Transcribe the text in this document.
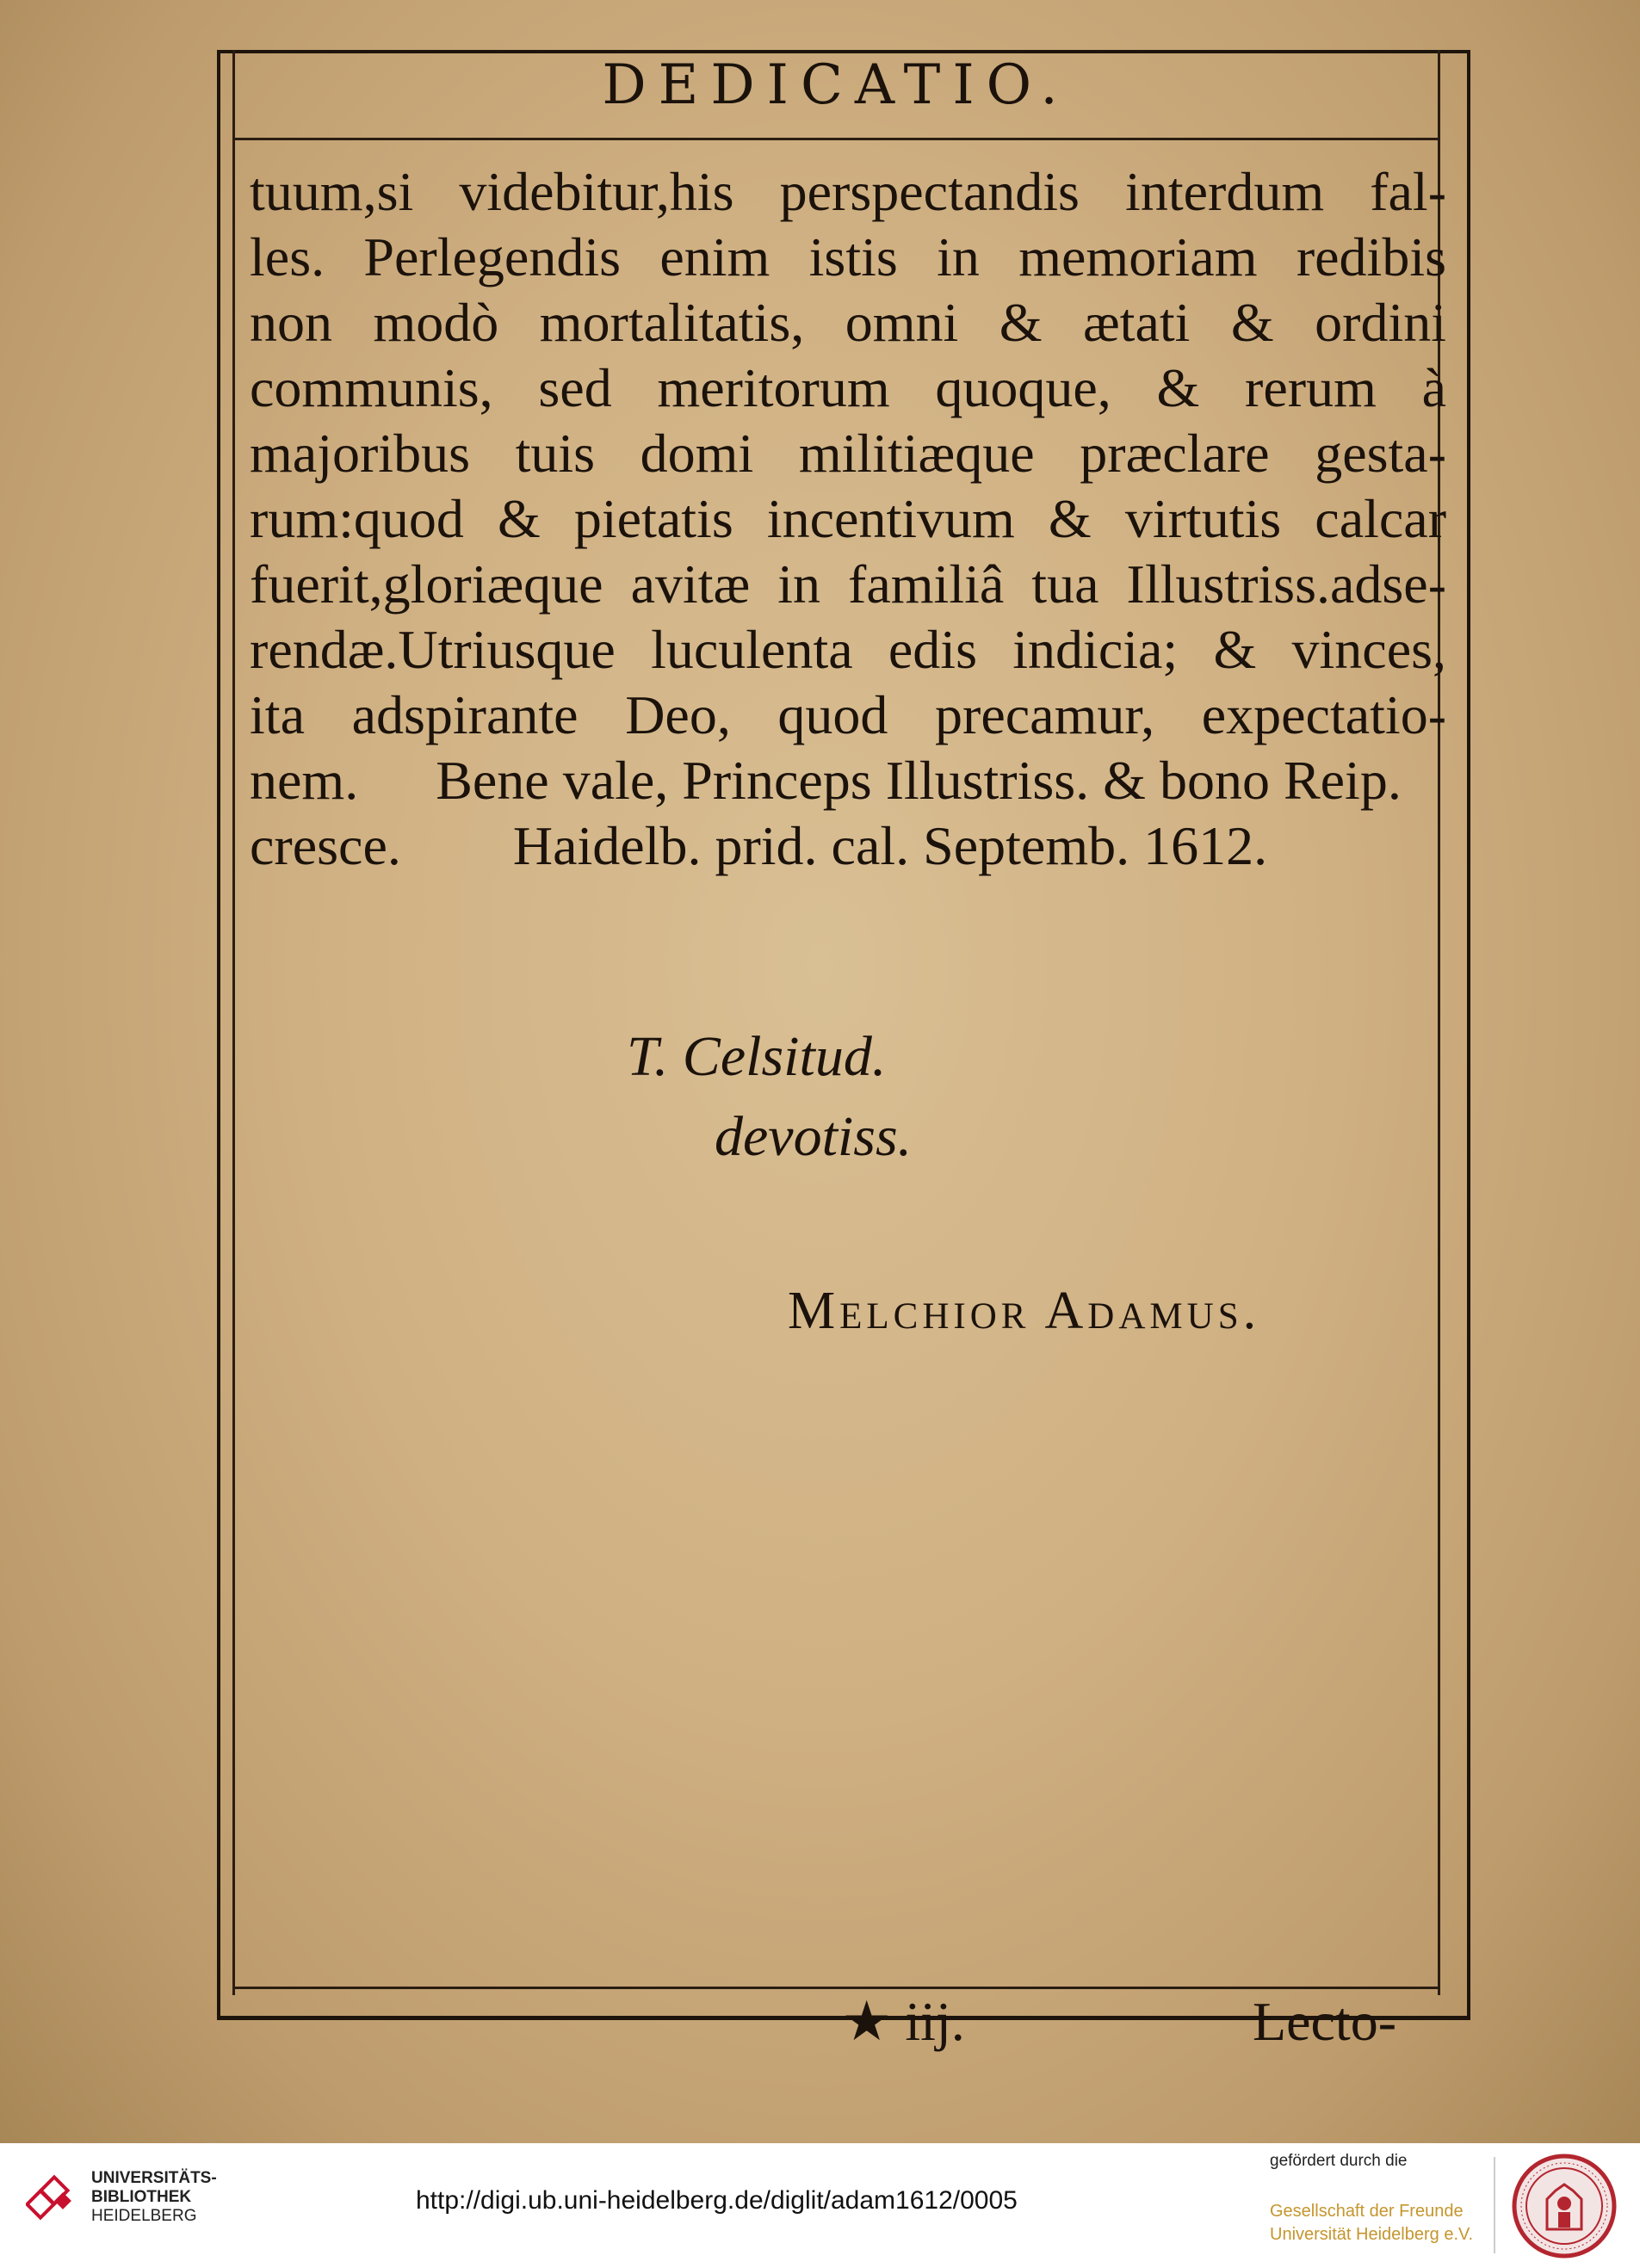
DEDICATIO.
tuum,si videbitur,his perspectandis interdum fal-
les. Perlegendis enim istis in memoriam redibis
non modò mortalitatis, omni & ætati & ordini
communis, sed meritorum quoque, & rerum à
majoribus tuis domi militiæque præclare gesta-
rum:quod & pietatis incentivum & virtutis calcar
fuerit,gloriæque avitæ in familiâ tua Illustriss.adse-
rendæ.Utriusque luculenta edis indicia; & vinces,
ita adspirante Deo, quod precamur, expectatio-
nem. Bene vale, Princeps Illustriss. & bono Reip.
cresce. Haidelb. prid. cal. Septemb. 1612.
T. Celsitud.
devotiss.
Melchior Adamus.
★ iij.	Lecto-
UNIVERSITÄTS-
BIBLIOTHEK
HEIDELBERG
http://digi.ub.uni-heidelberg.de/diglit/adam1612/0005
gefördert durch die
Gesellschaft der Freunde
Universität Heidelberg e.V.
